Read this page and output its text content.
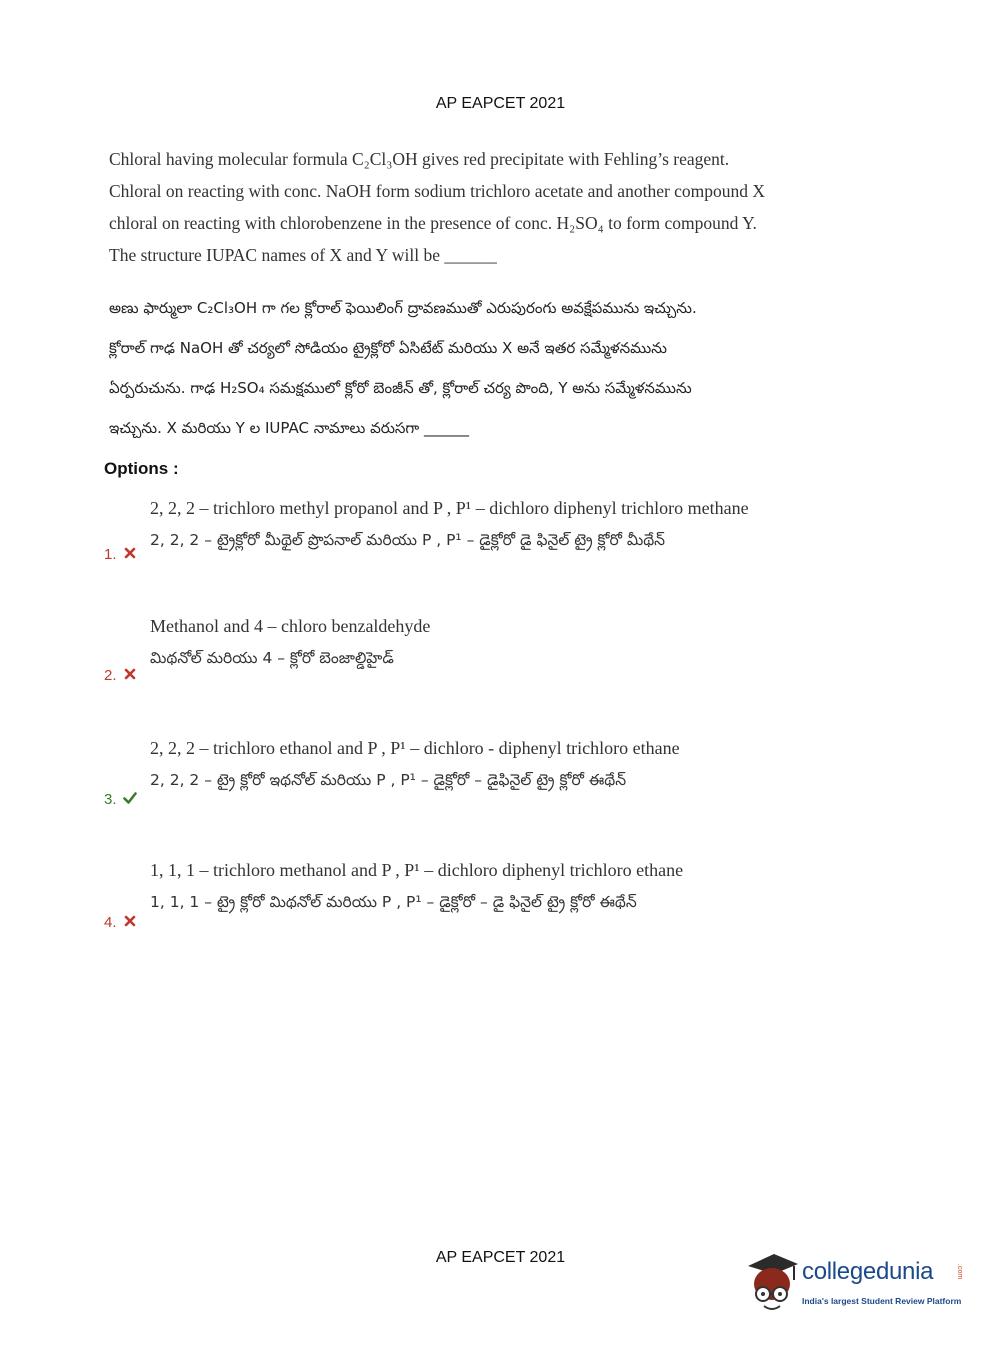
AP EAPCET 2021
Chloral having molecular formula C₂Cl₃OH gives red precipitate with Fehling’s reagent.
Chloral on reacting with conc. NaOH form sodium trichloro acetate and another compound X
chloral on reacting with chlorobenzene in the presence of conc. H₂SO₄ to form compound Y.
The structure IUPAC names of X and Y will be ______
అణు ఫార్ములా C₂Cl₃OH గా గల క్లోరాల్ ఫెయిలింగ్ ద్రావణముతో ఎరుపురంగు అవక్షేపమును ఇచ్చును.
క్లోరాల్ గాఢ NaOH తో చర్యలో సోడియం ట్రైక్లోరో ఏసిటేట్ మరియు X అనే ఇతర సమ్మేళనమును
ఏర్పరుచును. గాఢ H₂SO₄ సమక్షములో క్లోరో బెంజీన్ తో, క్లోరాల్ చర్య పొంది, Y అను సమ్మేళనమును
ఇచ్చును. X మరియు Y ల IUPAC నామాలు వరుసగా ______
Options :
2, 2, 2 – trichloro methyl propanol and P , P¹ – dichloro diphenyl trichloro methane
2, 2, 2 – ట్రైక్లోరో మీథైల్ ప్రొపనాల్ మరియు P , P¹ – డైక్లోరో డై ఫినైల్ ట్రై క్లోరో మీథేన్
1.
Methanol and 4 – chloro benzaldehyde
మిథనోల్ మరియు 4 – క్లోరో బెంజాల్డిహైడ్
2.
2, 2, 2 – trichloro ethanol and P , P¹ – dichloro - diphenyl trichloro ethane
2, 2, 2 – ట్రై క్లోరో ఇథనోల్ మరియు P , P¹ – డైక్లోరో – డైఫినైల్ ట్రై క్లోరో ఈథేన్
3.
1, 1, 1 – trichloro methanol and P , P¹ – dichloro diphenyl trichloro ethane
1, 1, 1 – ట్రై క్లోరో మిథనోల్ మరియు P , P¹ – డైక్లోరో – డై ఫినైల్ ట్రై క్లోరో ఈథేన్
4.
AP EAPCET 2021
collegedunia	.com
India's largest Student Review Platform
